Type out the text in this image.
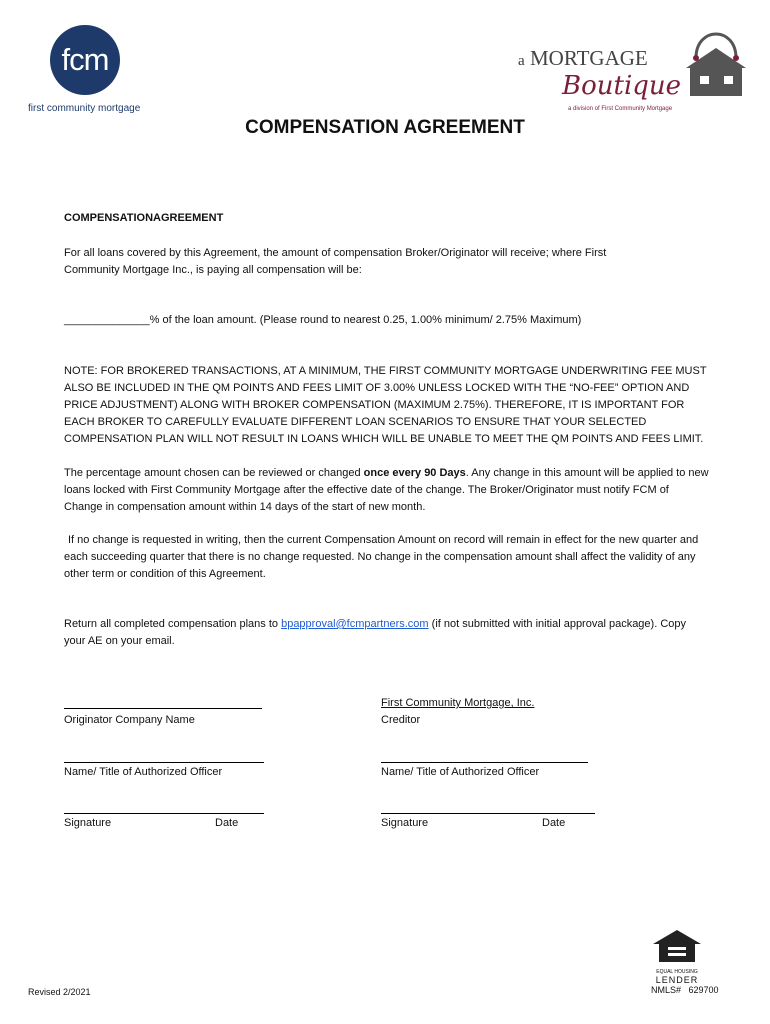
fcm
first community mortgage
a MORTGAGE
Boutique
a division of First Community Mortgage
COMPENSATION AGREEMENT
COMPENSATIONAGREEMENT
For all loans covered by this Agreement, the amount of compensation Broker/Originator will receive; where First Community Mortgage Inc., is paying all compensation will be:
______________% of the loan amount. (Please round to nearest 0.25, 1.00% minimum/ 2.75% Maximum)
NOTE: FOR BROKERED TRANSACTIONS, AT A MINIMUM, THE FIRST COMMUNITY MORTGAGE UNDERWRITING FEE MUST ALSO BE INCLUDED IN THE QM POINTS AND FEES LIMIT OF 3.00% UNLESS LOCKED WITH THE “NO-FEE” OPTION AND PRICE ADJUSTMENT) ALONG WITH BROKER COMPENSATION (MAXIMUM 2.75%). THEREFORE, IT IS IMPORTANT FOR EACH BROKER TO CAREFULLY EVALUATE DIFFERENT LOAN SCENARIOS TO ENSURE THAT YOUR SELECTED COMPENSATION PLAN WILL NOT RESULT IN LOANS WHICH WILL BE UNABLE TO MEET THE QM POINTS AND FEES LIMIT.
The percentage amount chosen can be reviewed or changed once every 90 Days. Any change in this amount will be applied to new loans locked with First Community Mortgage after the effective date of the change. The Broker/Originator must notify FCM of Change in compensation amount within 14 days of the start of new month.
If no change is requested in writing, then the current Compensation Amount on record will remain in effect for the new quarter and each succeeding quarter that there is no change requested. No change in the compensation amount shall affect the validity of any other term or condition of this Agreement.
Return all completed compensation plans to bpapproval@fcmpartners.com (if not submitted with initial approval package). Copy your AE on your email.
Originator Company Name
Name/ Title of Authorized Officer
Signature	Date
First Community Mortgage, Inc.
Creditor
Name/ Title of Authorized Officer
Signature	Date
EQUAL HOUSING
LENDER
Revised 2/2021	NMLS#   629700
